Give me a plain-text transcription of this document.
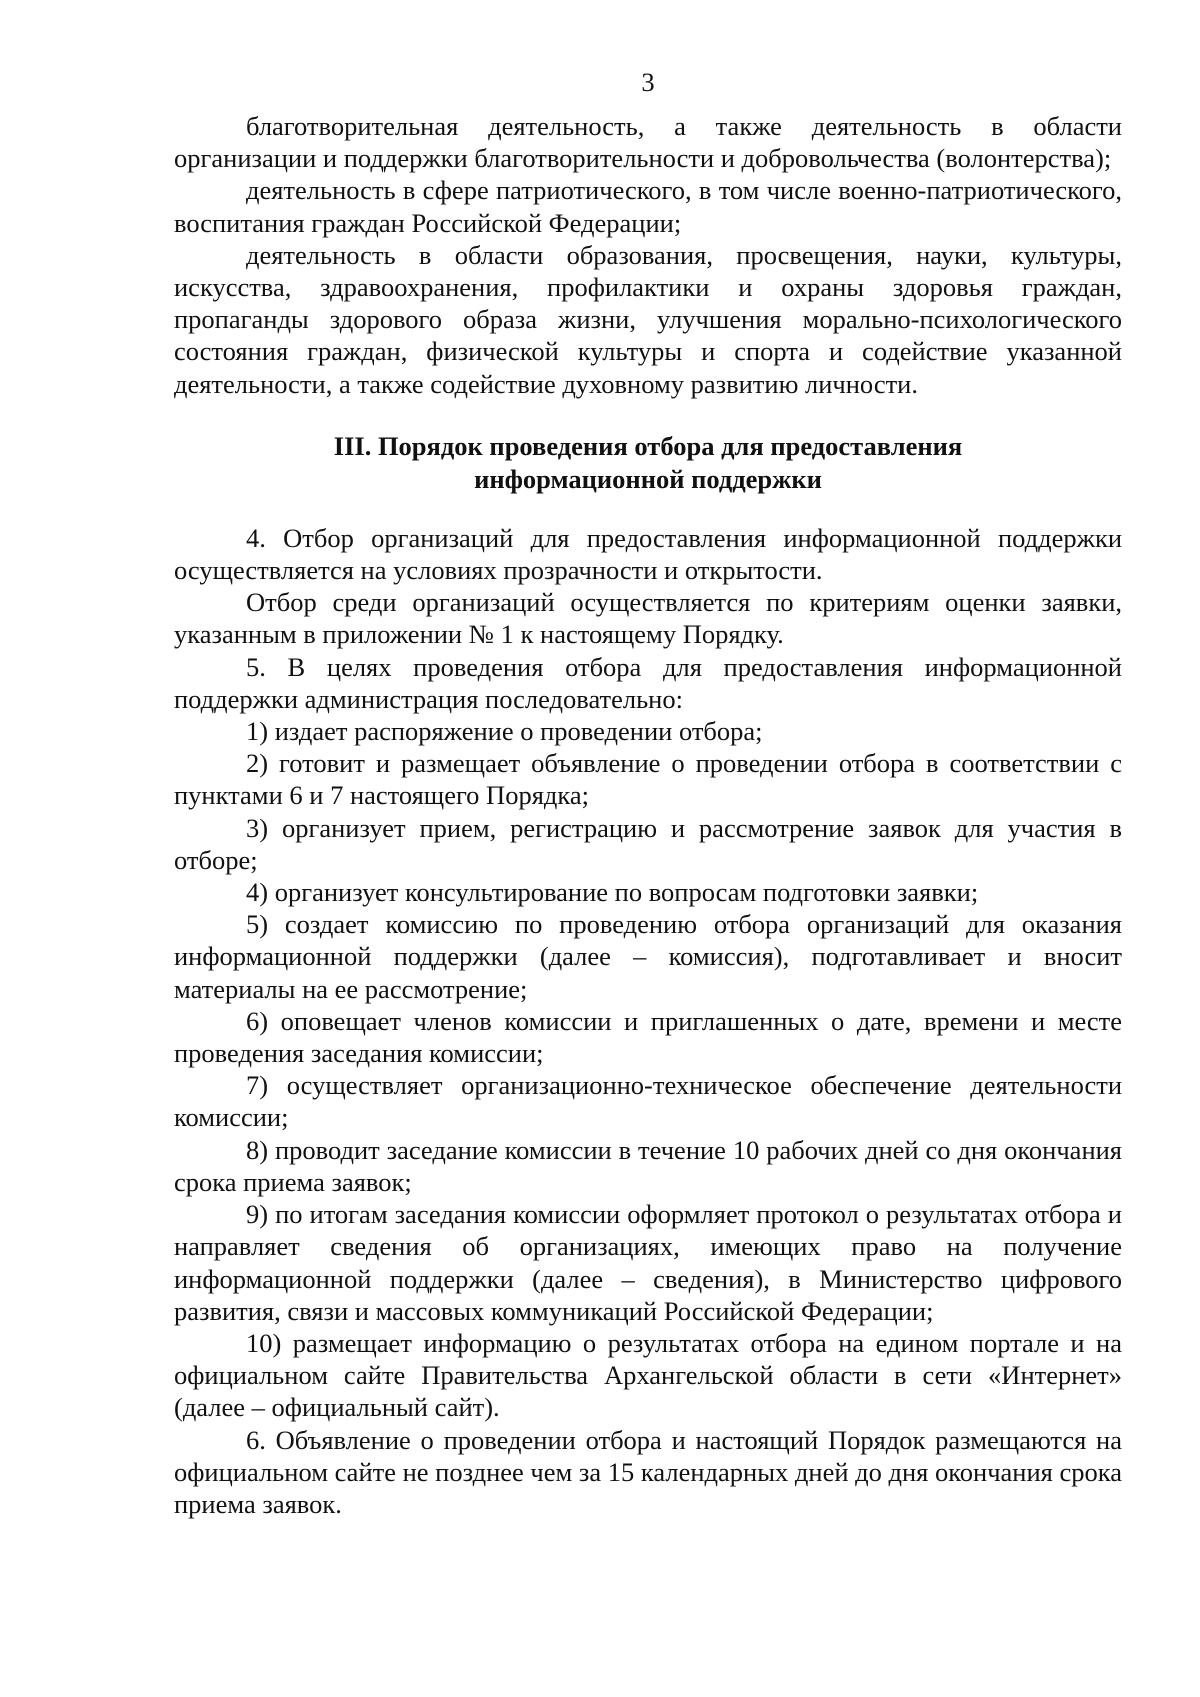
3

благотворительная деятельность, а также деятельность в области организации и поддержки благотворительности и добровольчества (волонтерства);

деятельность в сфере патриотического, в том числе военно-патриотического, воспитания граждан Российской Федерации;

деятельность в области образования, просвещения, науки, культуры, искусства, здравоохранения, профилактики и охраны здоровья граждан, пропаганды здорового образа жизни, улучшения морально-психологического состояния граждан, физической культуры и спорта и содействие указанной деятельности, а также содействие духовному развитию личности.

III. Порядок проведения отбора для предоставления
информационной поддержки

4. Отбор организаций для предоставления информационной поддержки осуществляется на условиях прозрачности и открытости.

Отбор среди организаций осуществляется по критериям оценки заявки, указанным в приложении № 1 к настоящему Порядку.

5. В целях проведения отбора для предоставления информационной поддержки администрация последовательно:

1) издает распоряжение о проведении отбора;

2) готовит и размещает объявление о проведении отбора в соответствии с пунктами 6 и 7 настоящего Порядка;

3) организует прием, регистрацию и рассмотрение заявок для участия в отборе;

4) организует консультирование по вопросам подготовки заявки;

5) создает комиссию по проведению отбора организаций для оказания информационной поддержки (далее – комиссия), подготавливает и вносит материалы на ее рассмотрение;

6) оповещает членов комиссии и приглашенных о дате, времени и месте проведения заседания комиссии;

7) осуществляет организационно-техническое обеспечение деятельности комиссии;

8) проводит заседание комиссии в течение 10 рабочих дней со дня окончания срока приема заявок;

9) по итогам заседания комиссии оформляет протокол о результатах отбора и направляет сведения об организациях, имеющих право на получение информационной поддержки (далее – сведения), в Министерство цифрового развития, связи и массовых коммуникаций Российской Федерации;

10) размещает информацию о результатах отбора на едином портале и на официальном сайте Правительства Архангельской области в сети «Интернет» (далее – официальный сайт).

6. Объявление о проведении отбора и настоящий Порядок размещаются на официальном сайте не позднее чем за 15 календарных дней до дня окончания срока приема заявок.
